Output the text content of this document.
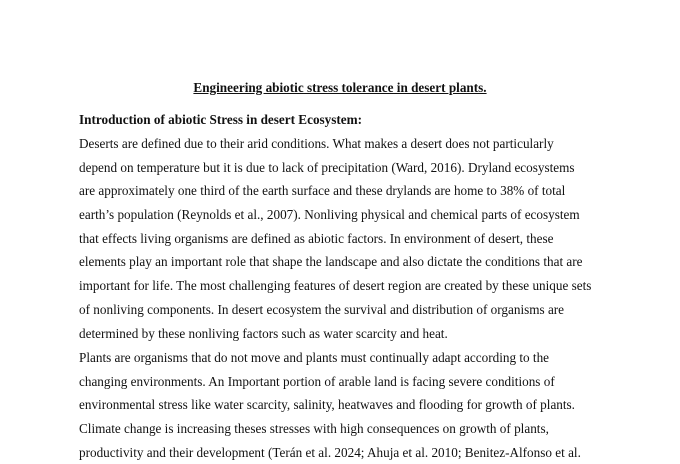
Engineering abiotic stress tolerance in desert plants.
Introduction of abiotic Stress in desert Ecosystem:
Deserts are defined due to their arid conditions. What makes a desert does not particularly
depend on temperature but it is due to lack of precipitation (Ward, 2016). Dryland ecosystems
are approximately one third of the earth surface and these drylands are home to 38% of total
earth’s population (Reynolds et al., 2007). Nonliving physical and chemical parts of ecosystem
that effects living organisms are defined as abiotic factors. In environment of desert, these
elements play an important role that shape the landscape and also dictate the conditions that are
important for life. The most challenging features of desert region are created by these unique sets
of nonliving components. In desert ecosystem the survival and distribution of organisms are
determined by these nonliving factors such as water scarcity and heat.
Plants are organisms that do not move and plants must continually adapt according to the
changing environments. An Important portion of arable land is facing severe conditions of
environmental stress like water scarcity, salinity, heatwaves and flooding for growth of plants.
Climate change is increasing theses stresses with high consequences on growth of plants,
productivity and their development (Terán et al. 2024; Ahuja et al. 2010; Benitez-Alfonso et al.
